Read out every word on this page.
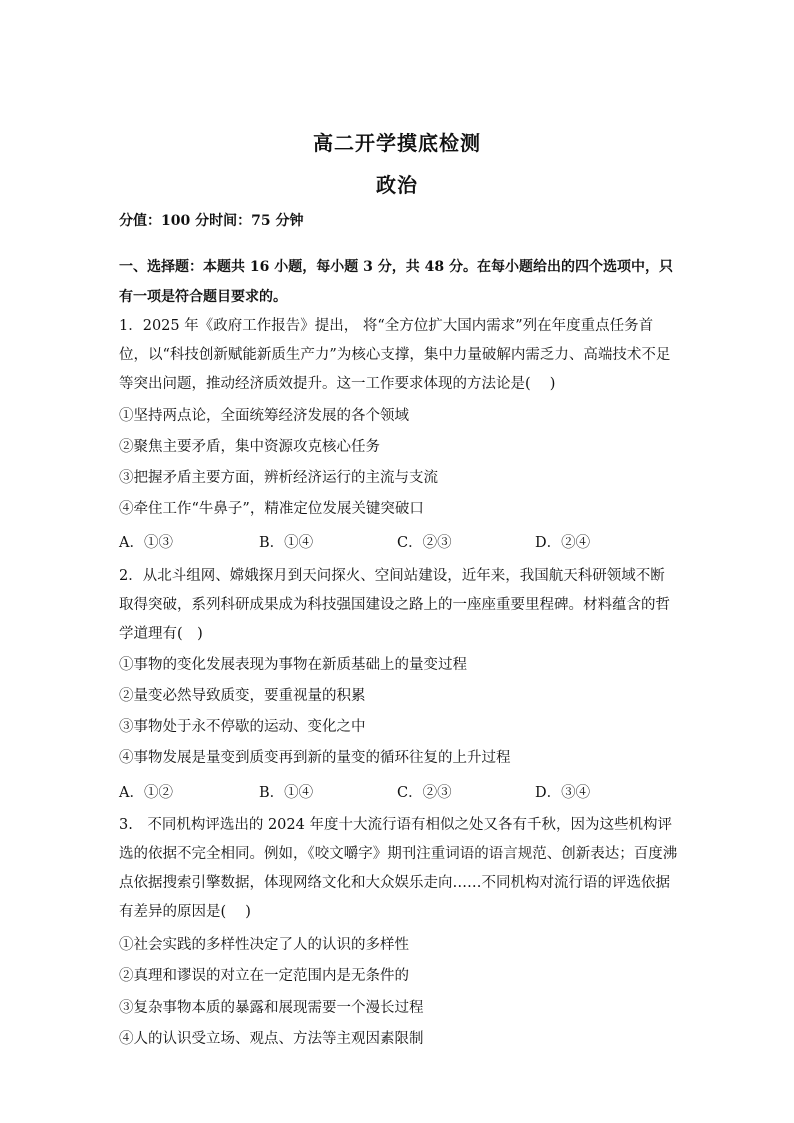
高二开学摸底检测
政治
分值：100 分时间：75 分钟
一、选择题：本题共 16 小题，每小题 3 分，共 48 分。在每小题给出的四个选项中，只有一项是符合题目要求的。
1．2025 年《政府工作报告》提出， 将“全方位扩大国内需求”列在年度重点任务首位，以“科技创新赋能新质生产力”为核心支撑，集中力量破解内需乏力、高端技术不足等突出问题，推动经济质效提升。这一工作要求体现的方法论是(　 )
①坚持两点论，全面统筹经济发展的各个领域
②聚焦主要矛盾，集中资源攻克核心任务
③把握矛盾主要方面，辨析经济运行的主流与支流
④牵住工作“牛鼻子”，精准定位发展关键突破口
A．①③	B．①④	C．②③	D．②④
2．从北斗组网、嫦娥探月到天问探火、空间站建设，近年来，我国航天科研领域不断取得突破，系列科研成果成为科技强国建设之路上的一座座重要里程碑。材料蕴含的哲学道理有(　)
①事物的变化发展表现为事物在新质基础上的量变过程
②量变必然导致质变，要重视量的积累
③事物处于永不停歇的运动、变化之中
④事物发展是量变到质变再到新的量变的循环往复的上升过程
A．①②	B．①④	C．②③	D．③④
3.　不同机构评选出的 2024 年度十大流行语有相似之处又各有千秋，因为这些机构评选的依据不完全相同。例如，《咬文嚼字》期刊注重词语的语言规范、创新表达；百度沸点依据搜索引擎数据，体现网络文化和大众娱乐走向……不同机构对流行语的评选依据有差异的原因是(　 )
①社会实践的多样性决定了人的认识的多样性
②真理和谬误的对立在一定范围内是无条件的
③复杂事物本质的暴露和展现需要一个漫长过程
④人的认识受立场、观点、方法等主观因素限制
